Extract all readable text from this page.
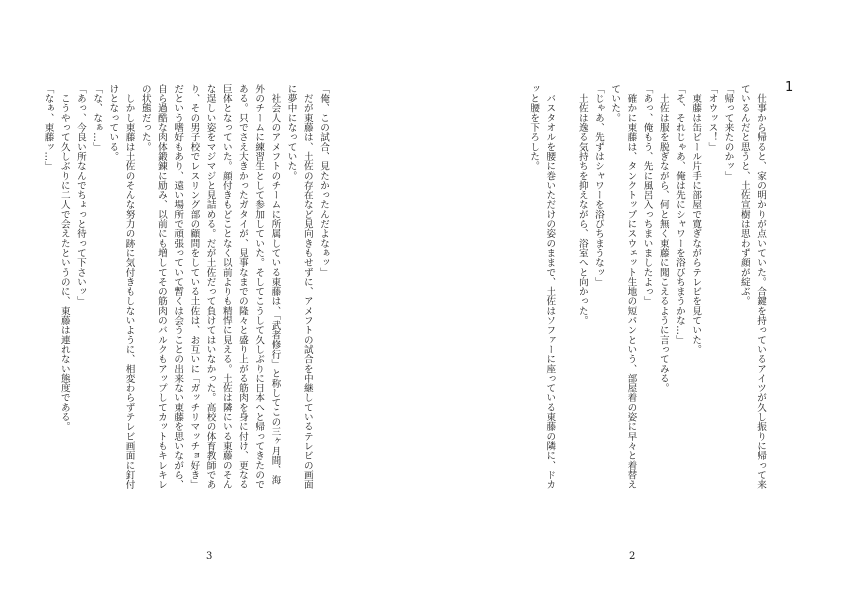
　仕事から帰ると、家の明かりが点いていた。合鍵を持っているアイツが久し振りに帰って来
ているんだと思うと、土佐宣樹は思わず顔が綻ぶ。
「帰って来たのかッ」
「オウッス！」
　東藤は缶ビール片手に部屋で寛ぎながらテレビを見ていた。
「そ、それじゃあ、俺は先にシャワーを浴びちまうかな…」
　土佐は服を脱ぎながら、何と無く東藤に聞こえるように言ってみる。
「あっ、俺もう、先に風呂入っちまいましたよっ」
　確かに東藤は、タンクトップにスウェット生地の短パンという、部屋着の姿に早々と着替え
ていた。
「じゃあ、先ずはシャワーを浴びちまうなッ」
　土佐は逸る気持ちを抑えながら、浴室へと向かった。

　バスタオルを腰に巻いただけの姿のままで、土佐はソファーに座っている東藤の隣に、ドカ
ッと腰を下ろした。
「俺、この試合、見たかったんだよなぁッ」
　だが東藤は、土佐の存在など見向きもせずに、アメフトの試合を中継しているテレビの画面
に夢中になっていた。
　社会人のアメフトのチームに所属している東藤は、「武者修行」と称してこの三ヶ月間、海
外のチームに練習生として参加していた。そしてこうして久しぶりに日本へと帰ってきたので
ある。只でさえ大きかったガタイが、見事なまでの隆々と盛り上がる筋肉を身に付け、更なる
巨体となっていた。顔付きもどことなく以前よりも精悍に見える。土佐は隣にいる東藤のそん
な逞しい姿をマジマジと見詰める。だが土佐だって負けてはいなかった。高校の体育教師であ
り、その男子校でレスリング部の顧問をしている土佐は、お互いに「ガッチリマッチョ好き」
だという嗜好もあり、遠い場所で頑張っていて暫くは会うことの出来ない東藤を思いながら、
自ら過酷な肉体鍛錬に励み、以前にも増してその筋肉のバルクもアップしてカットもキレキレ
の状態だった。
　しかし東藤は土佐のそんな努力の跡に気付きもしないように、相変わらずテレビ画面に釘付
けとなっている。
「な、なぁ…」
「あっ、今良い所なんでちょっと待って下さいッ」
　こうやって久しぶりに二人で会えたというのに、東藤は連れない態度である。
「なぁ、東藤ッ…」	1
3	2
